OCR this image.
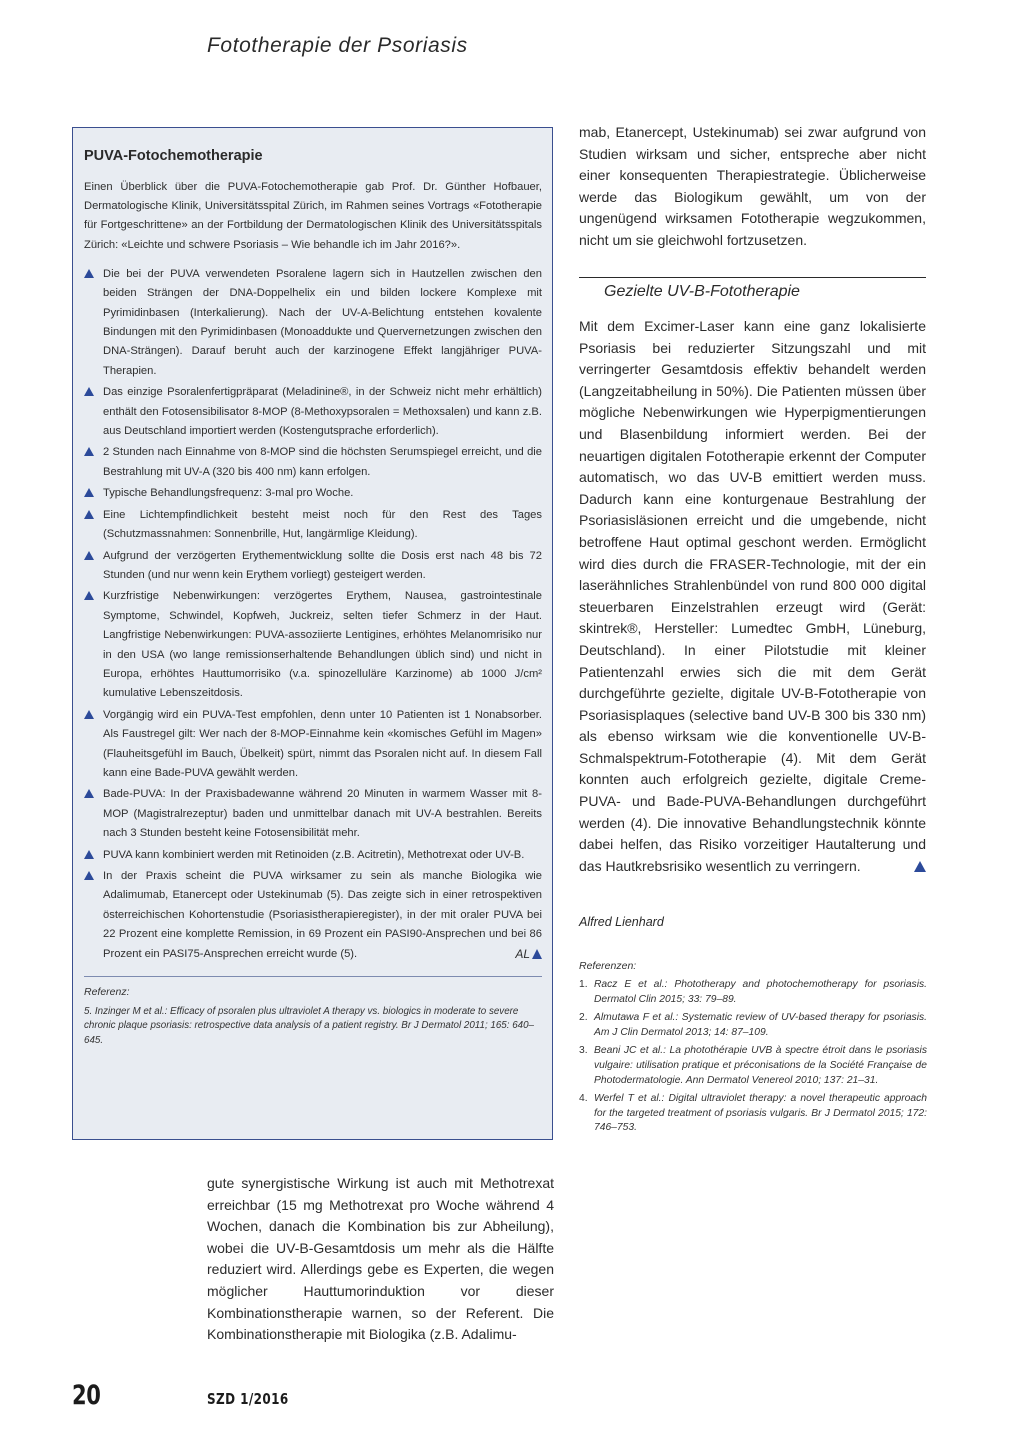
Fototherapie der Psoriasis
PUVA-Fotochemotherapie

Einen Überblick über die PUVA-Fotochemotherapie gab Prof. Dr. Günther Hofbauer, Dermatologische Klinik, Universitätsspital Zürich, im Rahmen seines Vortrags «Fototherapie für Fortgeschrittene» an der Fortbildung der Dermatologischen Klinik des Universitätsspitals Zürich: «Leichte und schwere Psoriasis – Wie behandle ich im Jahr 2016?».

Die bei der PUVA verwendeten Psoralene lagern sich in Hautzellen zwischen den beiden Strängen der DNA-Doppelhelix ein und bilden lockere Komplexe mit Pyrimidinbasen (Interkalierung). Nach der UV-A-Belichtung entstehen kovalente Bindungen mit den Pyrimidinbasen (Monoaddukte und Quervernetzungen zwischen den DNA-Strängen). Darauf beruht auch der karzinogene Effekt langjähriger PUVA-Therapien.
Das einzige Psoralenfertigpräparat (Meladinine®, in der Schweiz nicht mehr erhältlich) enthält den Fotosensibilisator 8-MOP (8-Methoxypsoralen = Methoxsalen) und kann z.B. aus Deutschland importiert werden (Kostengutsprache erforderlich).
2 Stunden nach Einnahme von 8-MOP sind die höchsten Serumspiegel erreicht, und die Bestrahlung mit UV-A (320 bis 400 nm) kann erfolgen.
Typische Behandlungsfrequenz: 3-mal pro Woche.
Eine Lichtempfindlichkeit besteht meist noch für den Rest des Tages (Schutzmassnahmen: Sonnenbrille, Hut, langärmlige Kleidung).
Aufgrund der verzögerten Erythementwicklung sollte die Dosis erst nach 48 bis 72 Stunden (und nur wenn kein Erythem vorliegt) gesteigert werden.
Kurzfristige Nebenwirkungen: verzögertes Erythem, Nausea, gastrointestinale Symptome, Schwindel, Kopfweh, Juckreiz, selten tiefer Schmerz in der Haut. Langfristige Nebenwirkungen: PUVA-assoziierte Lentigines, erhöhtes Melanomrisiko nur in den USA (wo lange remissionserhaltende Behandlungen üblich sind) und nicht in Europa, erhöhtes Hauttumorrisiko (v.a. spinozelluläre Karzinome) ab 1000 J/cm² kumulative Lebenszeitdosis.
Vorgängig wird ein PUVA-Test empfohlen, denn unter 10 Patienten ist 1 Nonabsorber. Als Faustregel gilt: Wer nach der 8-MOP-Einnahme kein «komisches Gefühl im Magen» (Flauheitsgefühl im Bauch, Übelkeit) spürt, nimmt das Psoralen nicht auf. In diesem Fall kann eine Bade-PUVA gewählt werden.
Bade-PUVA: In der Praxisbadewanne während 20 Minuten in warmem Wasser mit 8-MOP (Magistralrezeptur) baden und unmittelbar danach mit UV-A bestrahlen. Bereits nach 3 Stunden besteht keine Fotosensibilität mehr.
PUVA kann kombiniert werden mit Retinoiden (z.B. Acitretin), Methotrexat oder UV-B.
In der Praxis scheint die PUVA wirksamer zu sein als manche Biologika wie Adalimumab, Etanercept oder Ustekinumab (5). Das zeigte sich in einer retrospektiven österreichischen Kohortenstudie (Psoriasistherapieregister), in der mit oraler PUVA bei 22 Prozent eine komplette Remission, in 69 Prozent ein PASI90-Ansprechen und bei 86 Prozent ein PASI75-Ansprechen erreicht wurde (5).	AL
Referenz:

5. Inzinger M et al.: Efficacy of psoralen plus ultraviolet A therapy vs. biologics in moderate to severe chronic plaque psoriasis: retrospective data analysis of a patient registry. Br J Dermatol 2011; 165: 640–645.

gute synergistische Wirkung ist auch mit Methotrexat erreichbar (15 mg Methotrexat pro Woche während 4 Wochen, danach die Kombination bis zur Abheilung), wobei die UV-B-Gesamtdosis um mehr als die Hälfte reduziert wird. Allerdings gebe es Experten, die wegen möglicher Hauttumorinduktion vor dieser Kombinationstherapie warnen, so der Referent. Die Kombinationstherapie mit Biologika (z.B. Adalimu-

mab, Etanercept, Ustekinumab) sei zwar aufgrund von Studien wirksam und sicher, entspreche aber nicht einer konsequenten Therapiestrategie. Üblicherweise werde das Biologikum gewählt, um von der ungenügend wirksamen Fototherapie wegzukommen, nicht um sie gleichwohl fortzusetzen.

Gezielte UV-B-Fototherapie
Mit dem Excimer-Laser kann eine ganz lokalisierte Psoriasis bei reduzierter Sitzungszahl und mit verringerter Gesamtdosis effektiv behandelt werden (Langzeitabheilung in 50%). Die Patienten müssen über mögliche Nebenwirkungen wie Hyperpigmentierungen und Blasenbildung informiert werden. Bei der neuartigen digitalen Fototherapie erkennt der Computer automatisch, wo das UV-B emittiert werden muss. Dadurch kann eine konturgenaue Bestrahlung der Psoriasisläsionen erreicht und die umgebende, nicht betroffene Haut optimal geschont werden. Ermöglicht wird dies durch die FRASER-Technologie, mit der ein laserähnliches Strahlenbündel von rund 800 000 digital steuerbaren Einzelstrahlen erzeugt wird (Gerät: skintrek®, Hersteller: Lumedtec GmbH, Lüneburg, Deutschland). In einer Pilotstudie mit kleiner Patientenzahl erwies sich die mit dem Gerät durchgeführte gezielte, digitale UV-B-Fototherapie von Psoriasisplaques (selective band UV-B 300 bis 330 nm) als ebenso wirksam wie die konventionelle UV-B-Schmalspektrum-Fototherapie (4). Mit dem Gerät konnten auch erfolgreich gezielte, digitale Creme-PUVA- und Bade-PUVA-Behandlungen durchgeführt werden (4). Die innovative Behandlungstechnik könnte dabei helfen, das Risiko vorzeitiger Hautalterung und das Hautkrebsrisiko wesentlich zu verringern.
Alfred Lienhard
Referenzen:
1. Racz E et al.: Phototherapy and photochemotherapy for psoriasis. Dermatol Clin 2015; 33: 79–89.
2. Almutawa F et al.: Systematic review of UV-based therapy for psoriasis. Am J Clin Dermatol 2013; 14: 87–109.
3. Beani JC et al.: La photothérapie UVB à spectre étroit dans le psoriasis vulgaire: utilisation pratique et préconisations de la Société Française de Photodermatologie. Ann Dermatol Venereol 2010; 137: 21–31.
4. Werfel T et al.: Digital ultraviolet therapy: a novel therapeutic approach for the targeted treatment of psoriasis vulgaris. Br J Dermatol 2015; 172: 746–753.
20	SZD 1/2016
